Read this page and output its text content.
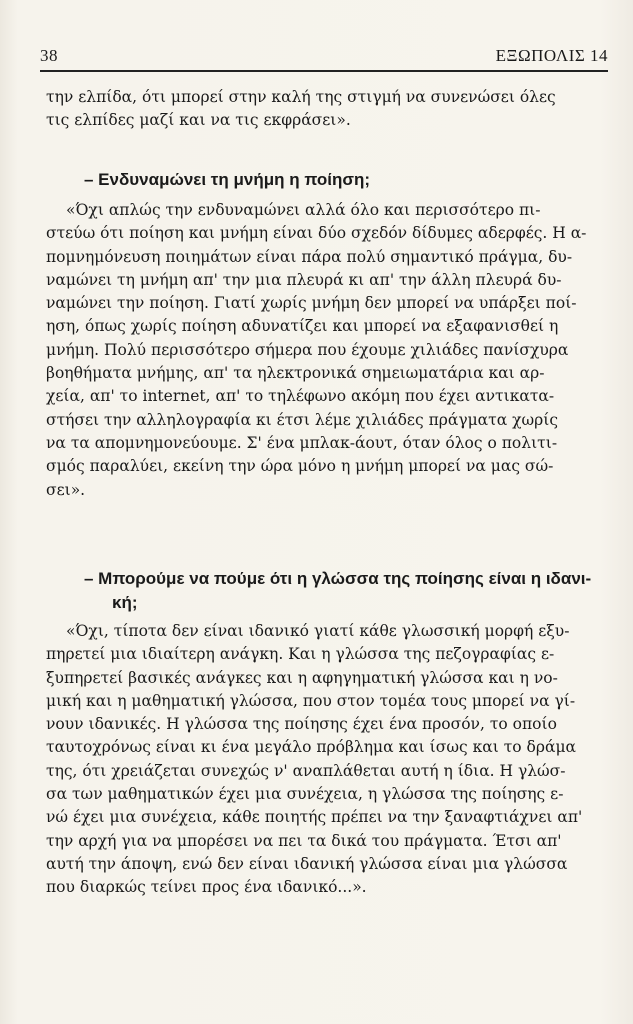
38	ΕΞΩΠΟΛΙΣ 14
την ελπίδα, ότι μπορεί στην καλή της στιγμή να συνενώσει όλες
τις ελπίδες μαζί και να τις εκφράσει».
– Ενδυναμώνει τη μνήμη η ποίηση;
«Όχι απλώς την ενδυναμώνει αλλά όλο και περισσότερο πι-
στεύω ότι ποίηση και μνήμη είναι δύο σχεδόν δίδυμες αδερφές. Η α-
πομνημόνευση ποιημάτων είναι πάρα πολύ σημαντικό πράγμα, δυ-
ναμώνει τη μνήμη απ' την μια πλευρά κι απ' την άλλη πλευρά δυ-
ναμώνει την ποίηση. Γιατί χωρίς μνήμη δεν μπορεί να υπάρξει ποί-
ηση, όπως χωρίς ποίηση αδυνατίζει και μπορεί να εξαφανισθεί η
μνήμη. Πολύ περισσότερο σήμερα που έχουμε χιλιάδες πανίσχυρα
βοηθήματα μνήμης, απ' τα ηλεκτρονικά σημειωματάρια και αρ-
χεία, απ' το internet, απ' το τηλέφωνο ακόμη που έχει αντικατα-
στήσει την αλληλογραφία κι έτσι λέμε χιλιάδες πράγματα χωρίς
να τα απομνημονεύουμε. Σ' ένα μπλακ-άουτ, όταν όλος ο πολιτι-
σμός παραλύει, εκείνη την ώρα μόνο η μνήμη μπορεί να μας σώ-
σει».
– Μπορούμε να πούμε ότι η γλώσσα της ποίησης είναι η ιδανι-
κή;
«Όχι, τίποτα δεν είναι ιδανικό γιατί κάθε γλωσσική μορφή εξυ-
πηρετεί μια ιδιαίτερη ανάγκη. Και η γλώσσα της πεζογραφίας ε-
ξυπηρετεί βασικές ανάγκες και η αφηγηματική γλώσσα και η νο-
μική και η μαθηματική γλώσσα, που στον τομέα τους μπορεί να γί-
νουν ιδανικές. Η γλώσσα της ποίησης έχει ένα προσόν, το οποίο
ταυτοχρόνως είναι κι ένα μεγάλο πρόβλημα και ίσως και το δράμα
της, ότι χρειάζεται συνεχώς ν' αναπλάθεται αυτή η ίδια. Η γλώσ-
σα των μαθηματικών έχει μια συνέχεια, η γλώσσα της ποίησης ε-
νώ έχει μια συνέχεια, κάθε ποιητής πρέπει να την ξαναφτιάχνει απ'
την αρχή για να μπορέσει να πει τα δικά του πράγματα. Έτσι απ'
αυτή την άποψη, ενώ δεν είναι ιδανική γλώσσα είναι μια γλώσσα
που διαρκώς τείνει προς ένα ιδανικό...».
